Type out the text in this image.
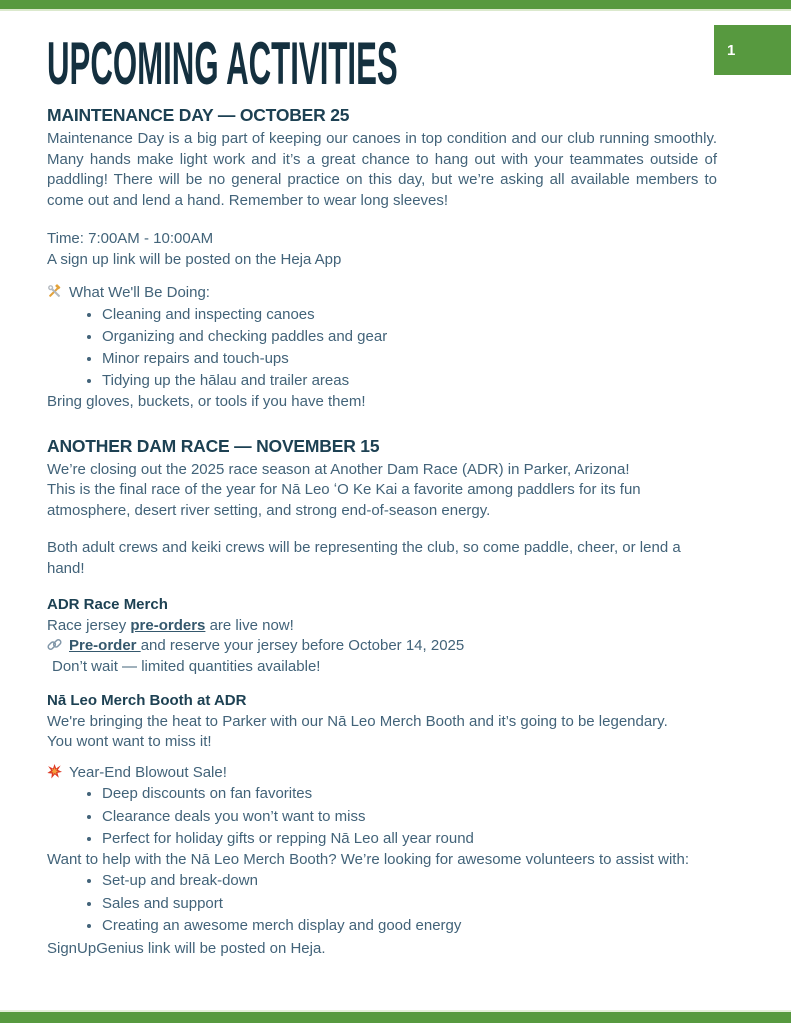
1
UPCOMING ACTIVITIES
MAINTENANCE DAY — OCTOBER 25

Maintenance Day is a big part of keeping our canoes in top condition and our club running smoothly. Many hands make light work and it’s a great chance to hang out with your teammates outside of paddling! There will be no general practice on this day, but we’re asking all available members to come out and lend a hand. Remember to wear long sleeves!

Time: 7:00AM - 10:00AM
A sign up link will be posted on the Heja App
What We'll Be Doing:
• Cleaning and inspecting canoes
• Organizing and checking paddles and gear
• Minor repairs and touch-ups
• Tidying up the hālau and trailer areas
Bring gloves, buckets, or tools if you have them!
ANOTHER DAM RACE — NOVEMBER 15
We’re closing out the 2025 race season at Another Dam Race (ADR) in Parker, Arizona!
This is the final race of the year for Nā Leo ʻO Ke Kai a favorite among paddlers for its fun atmosphere, desert river setting, and strong end-of-season energy.
Both adult crews and keiki crews will be representing the club, so come paddle, cheer, or lend a hand!
ADR Race Merch
Race jersey pre-orders are live now!
Pre-order and reserve your jersey before October 14, 2025
Don’t wait — limited quantities available!
Nā Leo Merch Booth at ADR
We're bringing the heat to Parker with our Nā Leo Merch Booth and it’s going to be legendary.
You wont want to miss it!
Year-End Blowout Sale!
• Deep discounts on fan favorites
• Clearance deals you won’t want to miss
• Perfect for holiday gifts or repping Nā Leo all year round
Want to help with the Nā Leo Merch Booth? We’re looking for awesome volunteers to assist with:
• Set-up and break-down
• Sales and support
• Creating an awesome merch display and good energy
SignUpGenius link will be posted on Heja.
